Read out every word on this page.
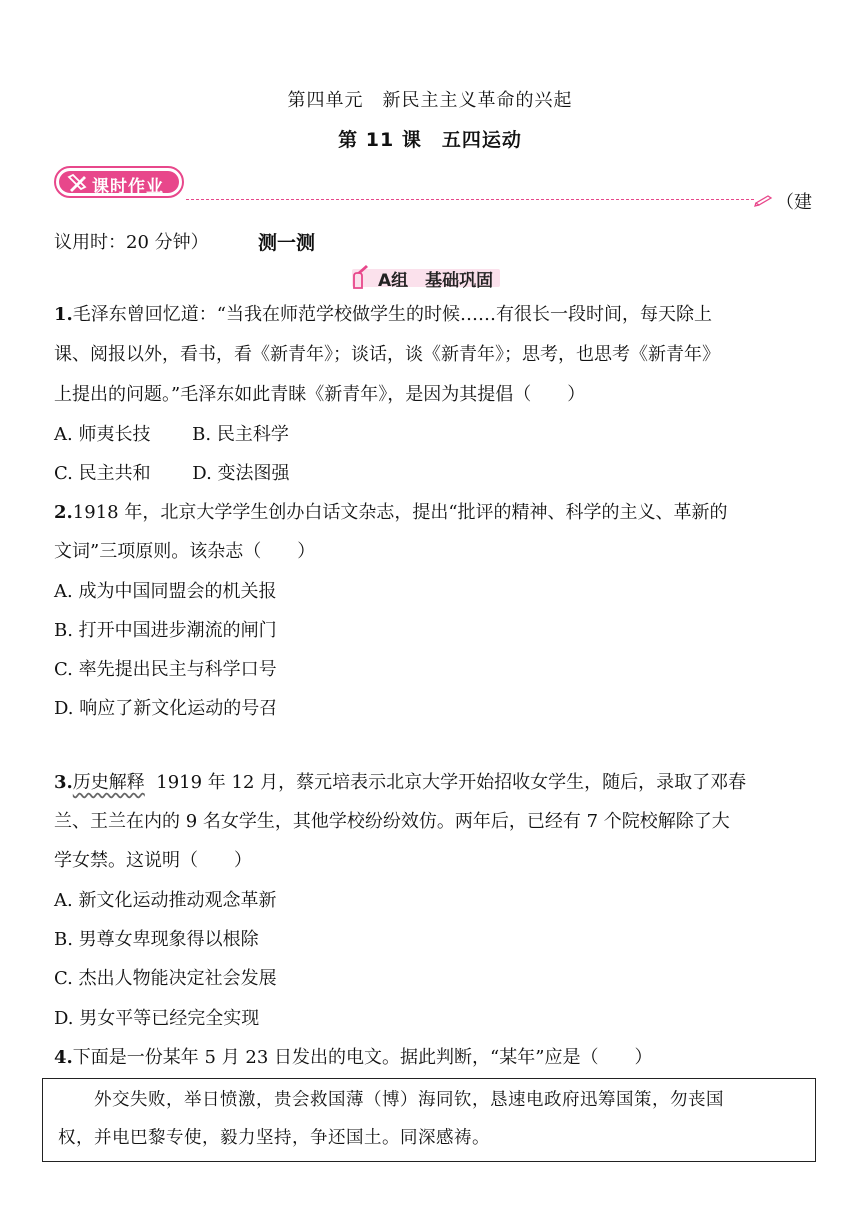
第四单元　新民主主义革命的兴起
第 11 课　五四运动
课时作业
（建
议用时：20 分钟）	测一测
A组　基础巩固
1.毛泽东曾回忆道：“当我在师范学校做学生的时候……有很长一段时间，每天除上
课、阅报以外，看书，看《新青年》；谈话，谈《新青年》；思考，也思考《新青年》
上提出的问题。”毛泽东如此青睐《新青年》，是因为其提倡（　　）
A. 师夷长技　　 B. 民主科学
C. 民主共和　　 D. 变法图强
2.1918 年，北京大学学生创办白话文杂志，提出“批评的精神、科学的主义、革新的
文词”三项原则。该杂志（　　）
A. 成为中国同盟会的机关报
B. 打开中国进步潮流的闸门
C. 率先提出民主与科学口号
D. 响应了新文化运动的号召
3.历史解释  1919 年 12 月，蔡元培表示北京大学开始招收女学生，随后，录取了邓春
兰、王兰在内的 9 名女学生，其他学校纷纷效仿。两年后，已经有 7 个院校解除了大
学女禁。这说明（　　）
A. 新文化运动推动观念革新
B. 男尊女卑现象得以根除
C. 杰出人物能决定社会发展
D. 男女平等已经完全实现
4.下面是一份某年 5 月 23 日发出的电文。据此判断，“某年”应是（　　）
　　外交失败，举日愤激，贵会救国薄（博）海同钦，恳速电政府迅筹国策，勿丧国
权，并电巴黎专使，毅力坚持，争还国土。同深感祷。
